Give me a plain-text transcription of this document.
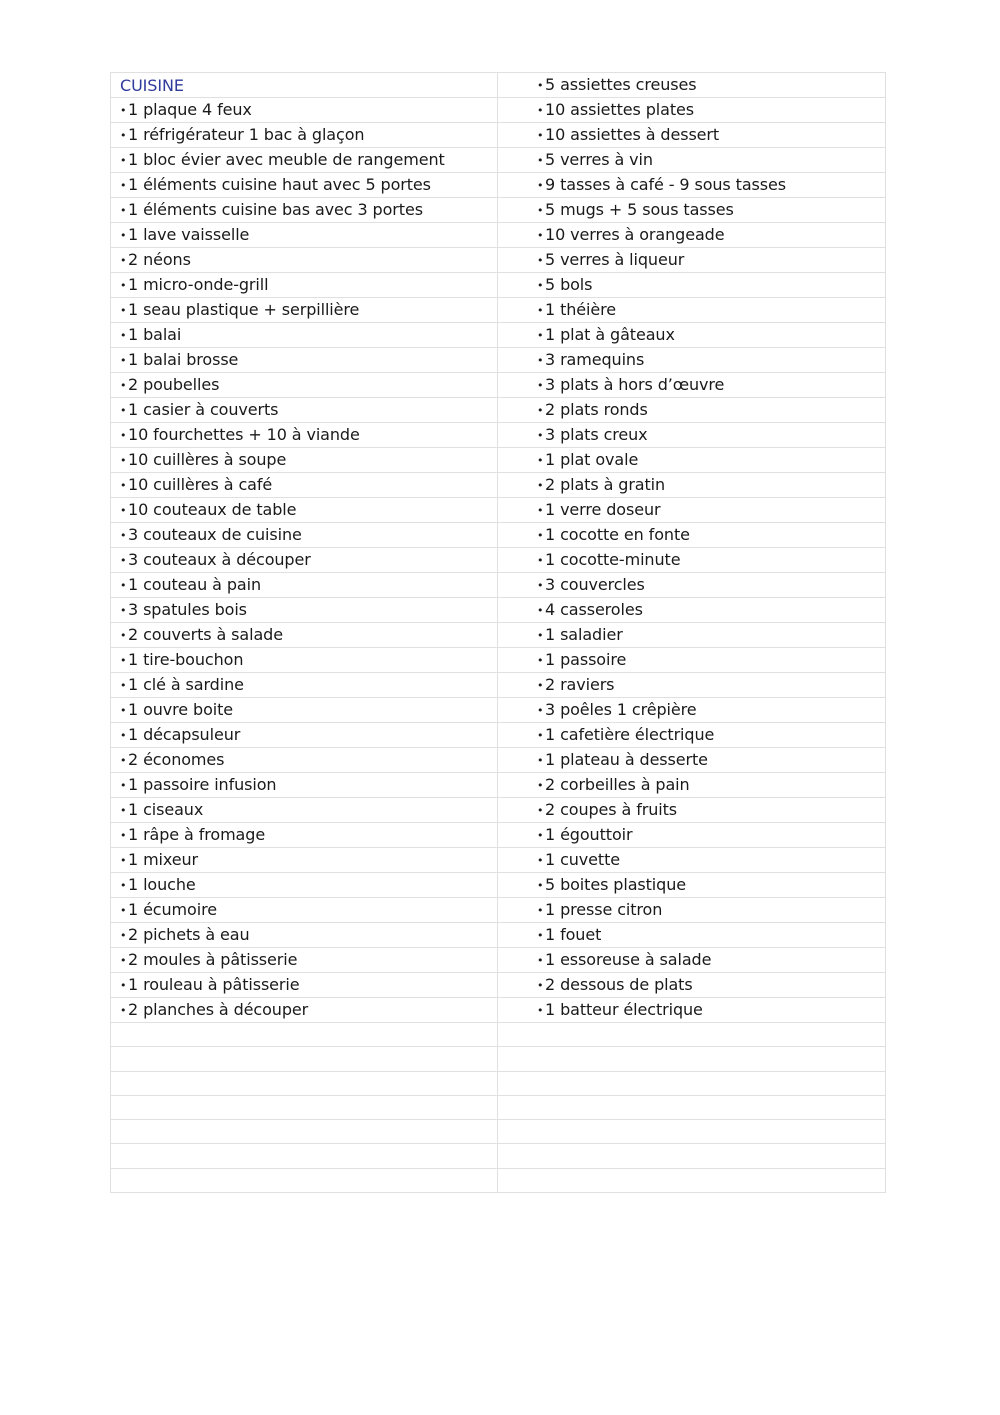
CUISINE	• 5 assiettes creuses
• 1 plaque 4 feux	• 10 assiettes plates
• 1 réfrigérateur 1 bac à glaçon	• 10 assiettes à dessert
• 1 bloc évier avec meuble de rangement	• 5 verres à vin
• 1 éléments cuisine haut avec 5 portes	• 9 tasses à café - 9 sous tasses
• 1 éléments cuisine bas avec 3 portes	• 5 mugs + 5 sous tasses
• 1 lave vaisselle	• 10 verres à orangeade
• 2 néons	• 5 verres à liqueur
• 1 micro-onde-grill	• 5 bols
• 1 seau plastique + serpillière	• 1 théière
• 1 balai	• 1 plat à gâteaux
• 1 balai brosse	• 3 ramequins
• 2 poubelles	• 3 plats à hors d’œuvre
• 1 casier à couverts	• 2 plats ronds
• 10 fourchettes + 10 à viande	• 3 plats creux
• 10 cuillères à soupe	• 1 plat ovale
• 10 cuillères à café	• 2 plats à gratin
• 10 couteaux de table	• 1 verre doseur
• 3 couteaux de cuisine	• 1 cocotte en fonte
• 3 couteaux à découper	• 1 cocotte-minute
• 1 couteau à pain	• 3 couvercles
• 3 spatules bois	• 4 casseroles
• 2 couverts à salade	• 1 saladier
• 1 tire-bouchon	• 1 passoire
• 1 clé à sardine	• 2 raviers
• 1 ouvre boite	• 3 poêles 1 crêpière
• 1 décapsuleur	• 1 cafetière électrique
• 2 économes	• 1 plateau à desserte
• 1 passoire infusion	• 2 corbeilles à pain
• 1 ciseaux	• 2 coupes à fruits
• 1 râpe à fromage	• 1 égouttoir
• 1 mixeur	• 1 cuvette
• 1 louche	• 5 boites plastique
• 1 écumoire	• 1 presse citron
• 2 pichets à eau	• 1 fouet
• 2 moules à pâtisserie	• 1 essoreuse à salade
• 1 rouleau à pâtisserie	• 2 dessous de plats
• 2 planches à découper	• 1 batteur électrique
